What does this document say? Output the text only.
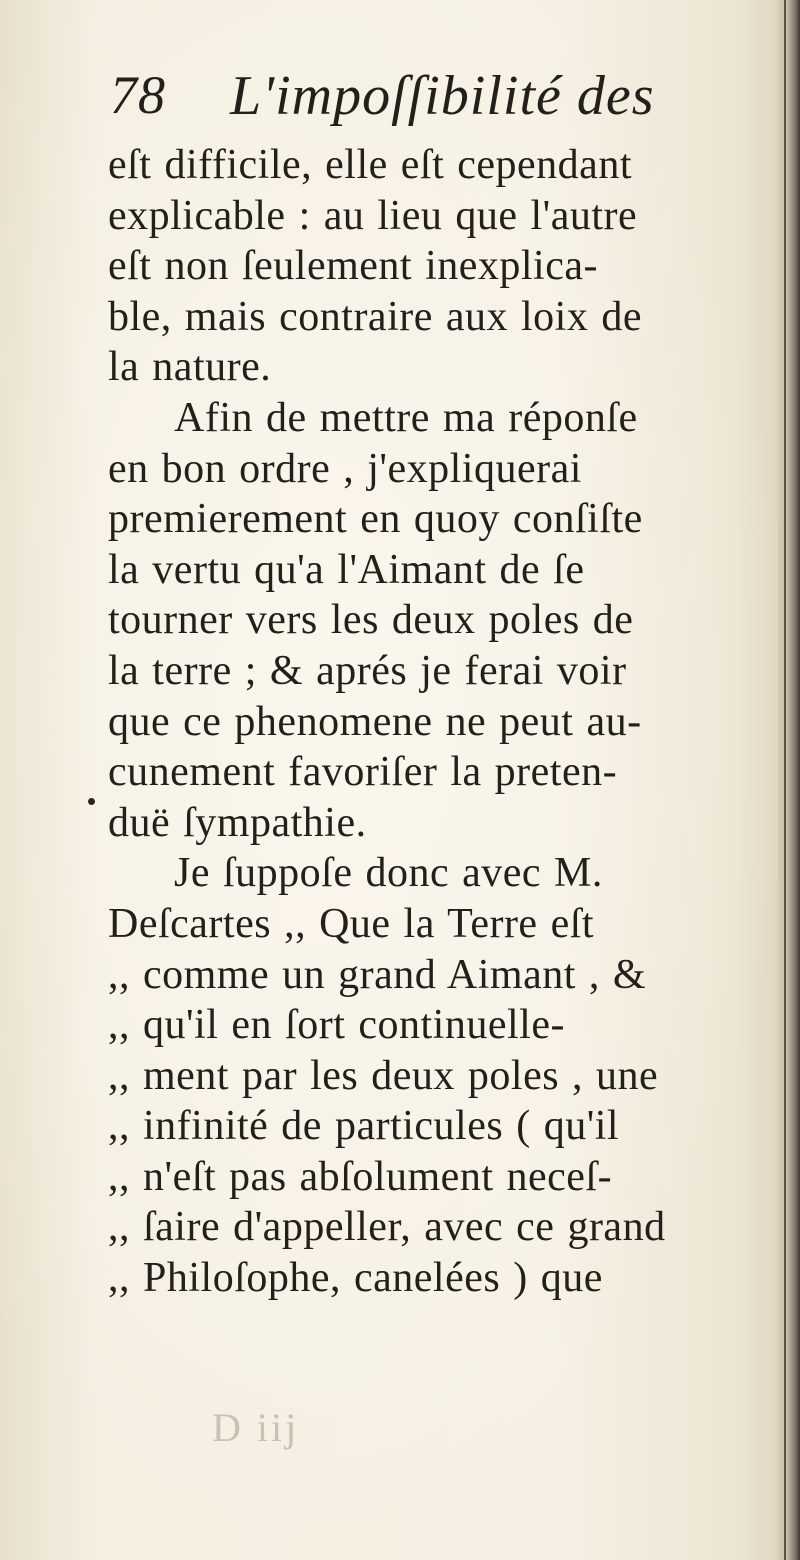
78 L'impoſſibilité des
eſt difficile, elle eſt cependant
explicable : au lieu que l'autre
eſt non ſeulement inexplica-
ble, mais contraire aux loix de
la nature.
Afin de mettre ma réponſe
en bon ordre , j'expliquerai
premierement en quoy conſiſte
la vertu qu'a l'Aimant de ſe
tourner vers les deux poles de
la terre ; & aprés je ferai voir
que ce phenomene ne peut au-
cunement favoriſer la preten-
duë ſympathie.
Je ſuppoſe donc avec M.
Deſcartes ,, Que la Terre eſt
,, comme un grand Aimant , &
,, qu'il en ſort continuelle-
,, ment par les deux poles , une
,, infinité de particules ( qu'il
,, n'eſt pas abſolument neceſ-
,, ſaire d'appeller, avec ce grand
,, Philoſophe, canelées ) que
D iij
